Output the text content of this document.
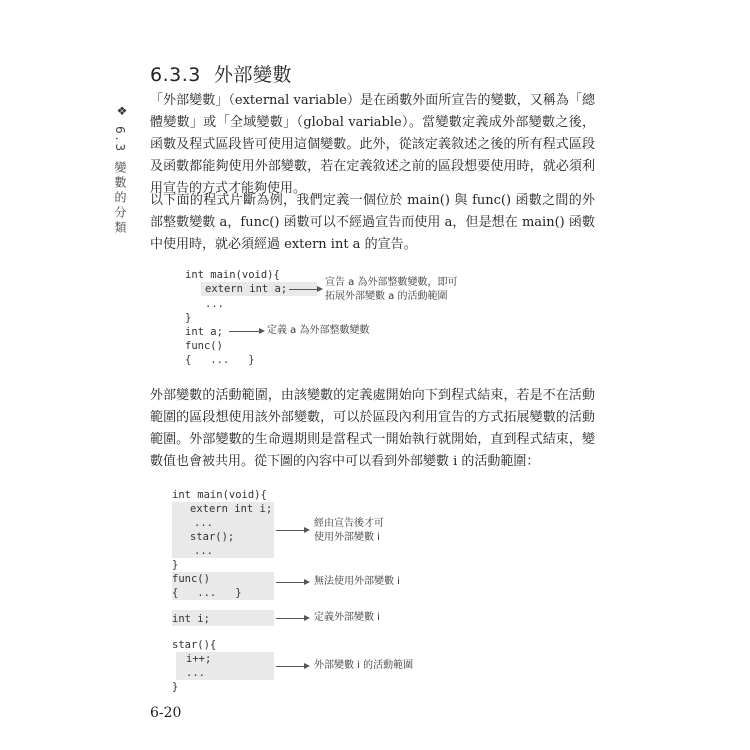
❖
6.3 變數的分類
6.3.3 外部變數
「外部變數」（external variable）是在函數外面所宣告的變數，又稱為「總體變數」或「全域變數」（global variable）。當變數定義成外部變數之後，函數及程式區段皆可使用這個變數。此外，從該定義敘述之後的所有程式區段及函數都能夠使用外部變數，若在定義敘述之前的區段想要使用時，就必須利用宣告的方式才能夠使用。
以下面的程式片斷為例，我們定義一個位於 main() 與 func() 函數之間的外部整數變數 a，func() 函數可以不經過宣告而使用 a，但是想在 main() 函數中使用時，就必須經過 extern int a 的宣告。
int main(void){
extern int a;
...
}
int a;
func()
{   ...   }
宣告 a 為外部整數變數，即可
拓展外部變數 a 的活動範圍
定義 a 為外部整數變數
外部變數的活動範圍，由該變數的定義處開始向下到程式結束，若是不在活動範圍的區段想使用該外部變數，可以於區段內利用宣告的方式拓展變數的活動範圍。外部變數的生命週期則是當程式一開始執行就開始，直到程式結束，變數值也會被共用。從下圖的內容中可以看到外部變數 i 的活動範圍：
int main(void){
extern int i;
...
star();
...
}
func()
{   ...   }
int i;
star(){
i++;
...
}
經由宣告後才可
使用外部變數 i
無法使用外部變數 i
定義外部變數 i
外部變數 i 的活動範圍
6-20
